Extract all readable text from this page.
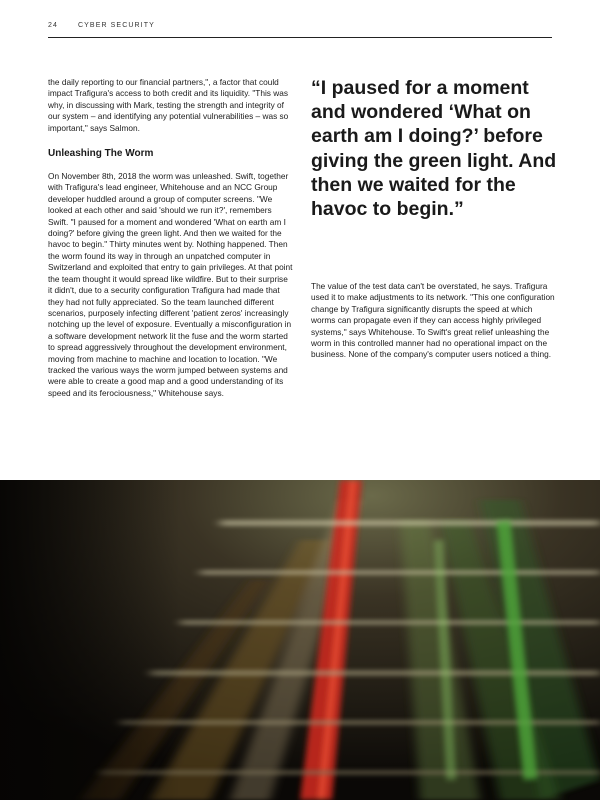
24	CYBER SECURITY

the daily reporting to our financial partners,", a factor that could impact Trafigura's access to both credit and its liquidity. "This was why, in discussing with Mark, testing the strength and integrity of our system – and identifying any potential vulnerabilities – was so important," says Salmon.

Unleashing The Worm

On November 8th, 2018 the worm was unleashed. Swift, together with Trafigura's lead engineer, Whitehouse and an NCC Group developer huddled around a group of computer screens. "We looked at each other and said 'should we run it?', remembers Swift. "I paused for a moment and wondered 'What on earth am I doing?' before giving the green light. And then we waited for the havoc to begin." Thirty minutes went by. Nothing happened. Then the worm found its way in through an unpatched computer in Switzerland and exploited that entry to gain privileges. At that point the team thought it would spread like wildfire. But to their surprise it didn't, due to a security configuration Trafigura had made that they had not fully appreciated. So the team launched different scenarios, purposely infecting different 'patient zeros' increasingly notching up the level of exposure. Eventually a misconfiguration in a software development network lit the fuse and the worm started to spread aggressively throughout the development environment, moving from machine to machine and location to location. "We tracked the various ways the worm jumped between systems and were able to create a good map and a good understanding of its speed and its ferociousness," Whitehouse says.

“I paused for a moment and wondered ‘What on earth am I doing?’ before giving the green light. And then we waited for the havoc to begin.”

The value of the test data can't be overstated, he says. Trafigura used it to make adjustments to its network. "This one configuration change by Trafigura significantly disrupts the speed at which worms can propagate even if they can access highly privileged systems," says Whitehouse. To Swift's great relief unleashing the worm in this controlled manner had no operational impact on the business. None of the company's computer users noticed a thing.
